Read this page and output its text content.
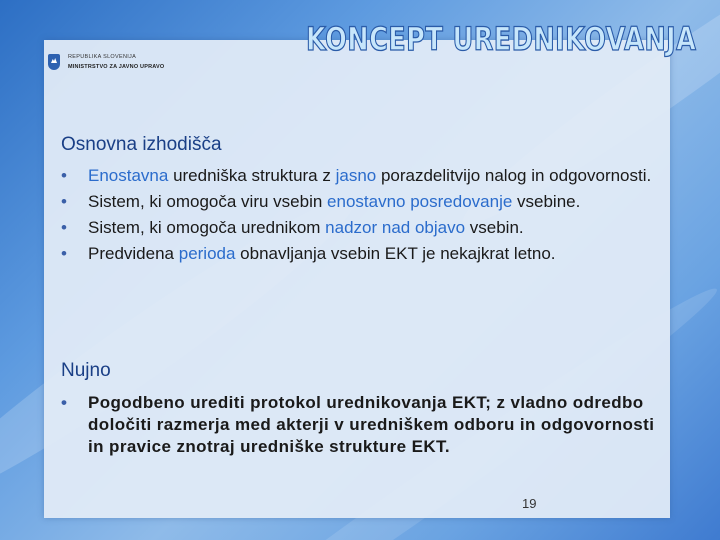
REPUBLIKA SLOVENIJA
MINISTRSTVO ZA JAVNO UPRAVO
KONCEPT UREDNIKOVANJA
Osnovna izhodišča
• Enostavna uredniška struktura z jasno porazdelitvijo nalog in odgovornosti.
• Sistem, ki omogoča viru vsebin enostavno posredovanje vsebine.
• Sistem, ki omogoča urednikom nadzor nad objavo vsebin.
• Predvidena perioda obnavljanja vsebin EKT je nekajkrat letno.
Nujno
• Pogodbeno urediti protokol urednikovanja EKT; z vladno odredbo določiti razmerja med akterji v uredniškem odboru in odgovornosti in pravice znotraj uredniške strukture EKT.
19
